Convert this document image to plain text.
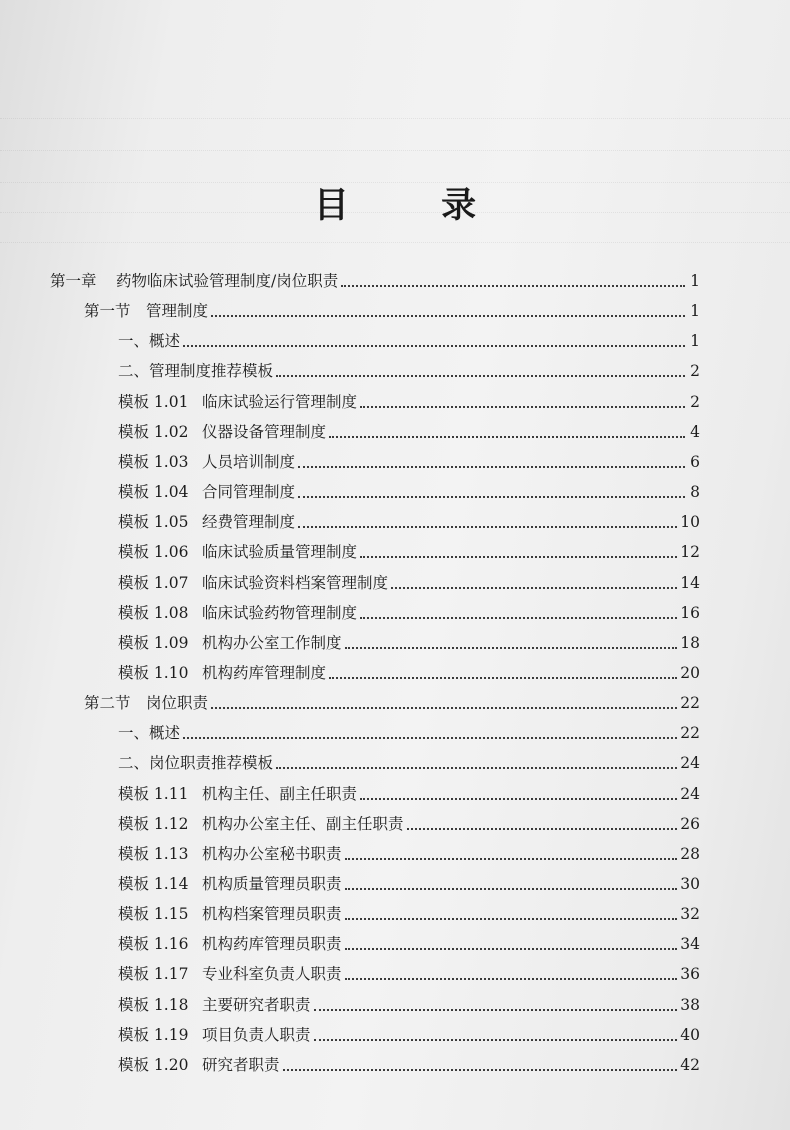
目 录
第一章	药物临床试验管理制度/岗位职责	1
第一节 管理制度	1
一、概述	1
二、管理制度推荐模板	2
模板 1.01 临床试验运行管理制度	2
模板 1.02 仪器设备管理制度	4
模板 1.03 人员培训制度	6
模板 1.04 合同管理制度	8
模板 1.05 经费管理制度	10
模板 1.06 临床试验质量管理制度	12
模板 1.07 临床试验资料档案管理制度	14
模板 1.08 临床试验药物管理制度	16
模板 1.09 机构办公室工作制度	18
模板 1.10 机构药库管理制度	20
第二节 岗位职责	22
一、概述	22
二、岗位职责推荐模板	24
模板 1.11 机构主任、副主任职责	24
模板 1.12 机构办公室主任、副主任职责	26
模板 1.13 机构办公室秘书职责	28
模板 1.14 机构质量管理员职责	30
模板 1.15 机构档案管理员职责	32
模板 1.16 机构药库管理员职责	34
模板 1.17 专业科室负责人职责	36
模板 1.18 主要研究者职责	38
模板 1.19 项目负责人职责	40
模板 1.20 研究者职责	42
